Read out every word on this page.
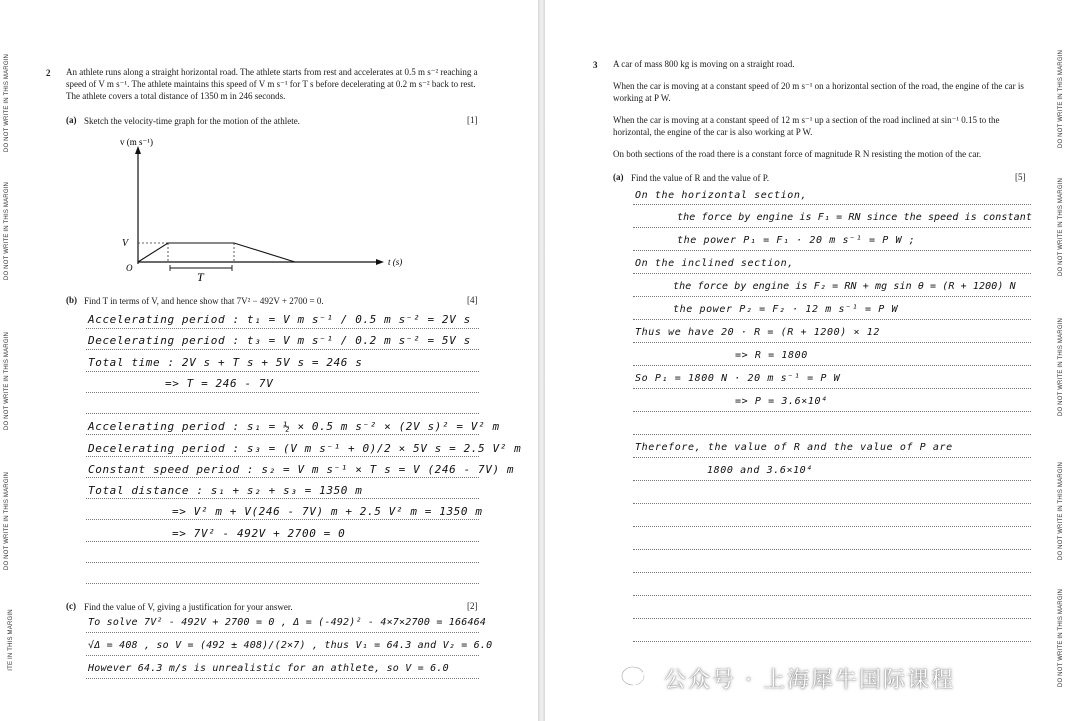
DO NOT WRITE IN THIS MARGIN
DO NOT WRITE IN THIS MARGIN
DO NOT WRITE IN THIS MARGIN
DO NOT WRITE IN THIS MARGIN
ITE IN THIS MARGIN
2 An athlete runs along a straight horizontal road. The athlete starts from rest and accelerates at 0.5 m s⁻² reaching a speed of V m s⁻¹. The athlete maintains this speed of V m s⁻¹ for T s before decelerating at 0.2 m s⁻² back to rest. The athlete covers a total distance of 1350 m in 246 seconds.
(a) Sketch the velocity-time graph for the motion of the athlete.	[1]
v (m s⁻¹)
t (s)
O
V
T
(b) Find T in terms of V, and hence show that 7V² − 492V + 2700 = 0.	[4]
Accelerating period : t₁ = V m s⁻¹ / 0.5 m s⁻² = 2V s
Decelerating period : t₃ = V m s⁻¹ / 0.2 m s⁻² = 5V s
Total time : 2V s + T s + 5V s = 246 s
=> T = 246 - 7V
Accelerating period : s₁ = ½ × 0.5 m s⁻² × (2V s)² = V² m
Decelerating period : s₃ = (V m s⁻¹ + 0)/2 × 5V s = 2.5 V² m
Constant speed period : s₂ = V m s⁻¹ × T s = V (246 - 7V) m
Total distance : s₁ + s₂ + s₃ = 1350 m
=> V² m + V(246 - 7V) m + 2.5 V² m = 1350 m
=> 7V² - 492V + 2700 = 0
(c) Find the value of V, giving a justification for your answer.	[2]
To solve 7V² - 492V + 2700 = 0 , Δ = (-492)² - 4×7×2700 = 166464
√Δ = 408 , so V = (492 ± 408)/(2×7) , thus V₁ = 64.3 and V₂ = 6.0
However 64.3 m/s is unrealistic for an athlete, so V = 6.0
DO NOT WRITE IN THIS MARGIN
DO NOT WRITE IN THIS MARGIN
DO NOT WRITE IN THIS MARGIN
DO NOT WRITE IN THIS MARGIN
DO NOT WRITE IN THIS MARGIN
3 A car of mass 800 kg is moving on a straight road.
When the car is moving at a constant speed of 20 m s⁻¹ on a horizontal section of the road, the engine of the car is working at P W.
When the car is moving at a constant speed of 12 m s⁻¹ up a section of the road inclined at sin⁻¹ 0.15 to the horizontal, the engine of the car is also working at P W.
On both sections of the road there is a constant force of magnitude R N resisting the motion of the car.
(a) Find the value of R and the value of P.	[5]
On the horizontal section,
the force by engine is F₁ = RN since the speed is constant
the power P₁ = F₁ · 20 m s⁻¹ = P W ;
On the inclined section,
the force by engine is F₂ = RN + mg sin θ = (R + 1200) N
the power P₂ = F₂ · 12 m s⁻¹ = P W
Thus we have 20 · R = (R + 1200) × 12
=> R = 1800
So P₁ = 1800 N · 20 m s⁻¹ = P W
=> P = 3.6×10⁴
Therefore, the value of R and the value of P are
1800 and 3.6×10⁴
公众号 · 上海犀牛国际课程
